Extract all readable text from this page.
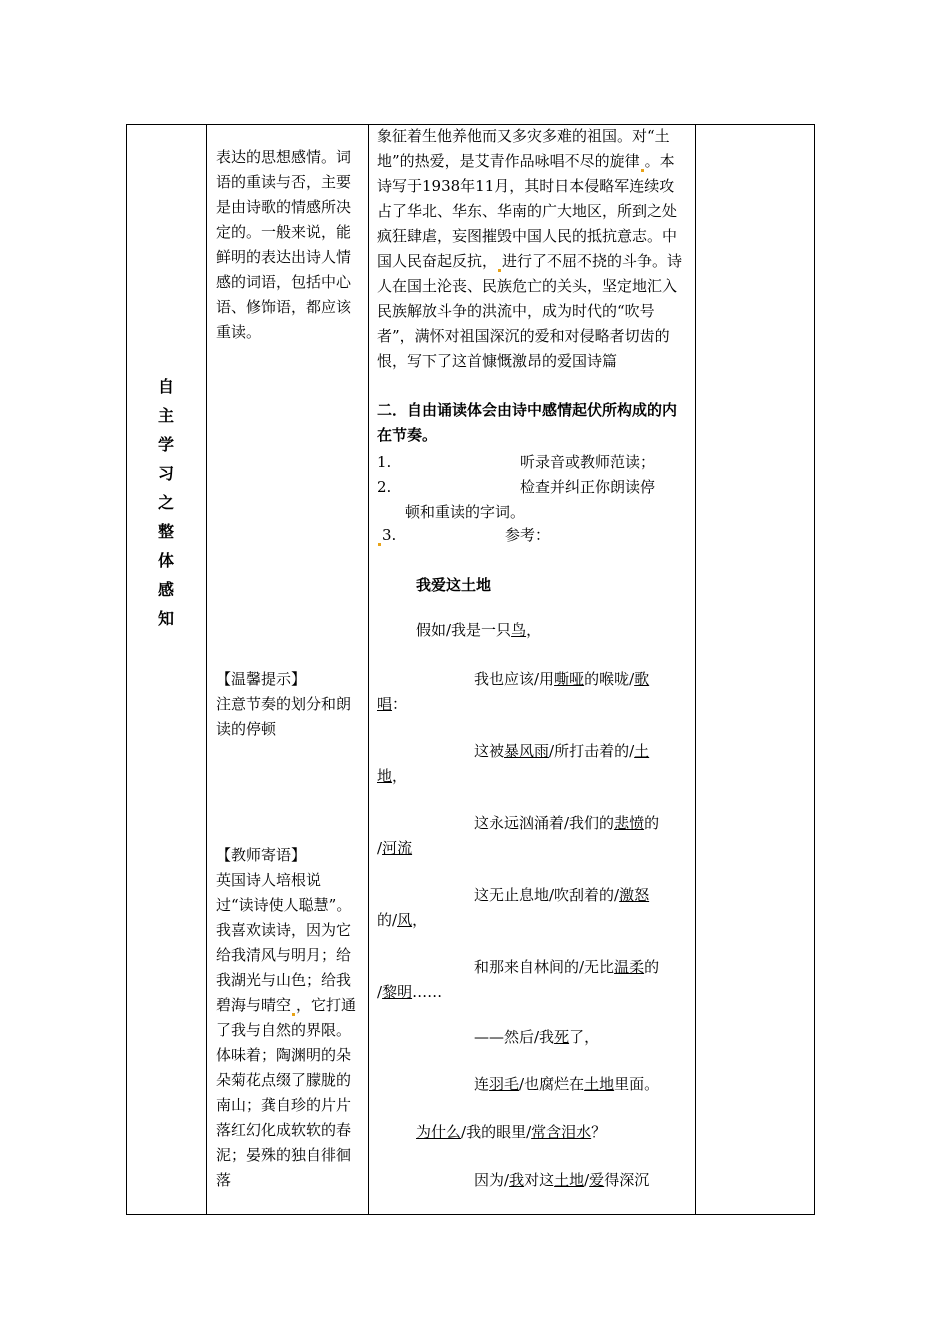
自
主
学
习
之
整
体
感
知

表达的思想感情。词语的重读与否，主要是由诗歌的情感所决定的。一般来说，能鲜明的表达出诗人情感的词语，包括中心语、修饰语，都应该重读。

【温馨提示】

注意节奏的划分和朗读的停顿

【教师寄语】

英国诗人培根说过“读诗使人聪慧”。我喜欢读诗，因为它给我清风与明月；给我湖光与山色；给我碧海与晴空 ，它打通了我与自然的界限。体味着；陶渊明的朵朵菊花点缀了朦胧的南山；龚自珍的片片落红幻化成软软的春泥；晏殊的独自徘徊落

象征着生他养他而又多灾多难的祖国。对“土地”的热爱，是艾青作品咏唱不尽的旋律 。本诗写于1938年11月，其时日本侵略军连续攻占了华北、华东、华南的广大地区，所到之处疯狂肆虐，妄图摧毁中国人民的抵抗意志。中国人民奋起反抗， 进行了不屈不挠的斗争。诗人在国土沦丧、民族危亡的关头，坚定地汇入民族解放斗争的洪流中，成为时代的“吹号者”，满怀对祖国深沉的爱和对侵略者切齿的恨，写下了这首慷慨激昂的爱国诗篇

二．自由诵读体会由诗中感情起伏所构成的内在节奏。
1.	听录音或教师范读；
2.	检查并纠正你朗读停
顿和重读的字词。
3.	参考：
我爱这土地
假如/我是一只鸟，
我也应该/用嘶哑的喉咙/歌
唱：
这被暴风雨/所打击着的/土
地，
这永远汹涌着/我们的悲愤的
/河流
这无止息地/吹刮着的/激怒
的/风，
和那来自林间的/无比温柔的
/黎明……
——然后/我死了，
连羽毛/也腐烂在土地里面。
为什么/我的眼里/常含泪水？
因为/我对这土地/爱得深沉
